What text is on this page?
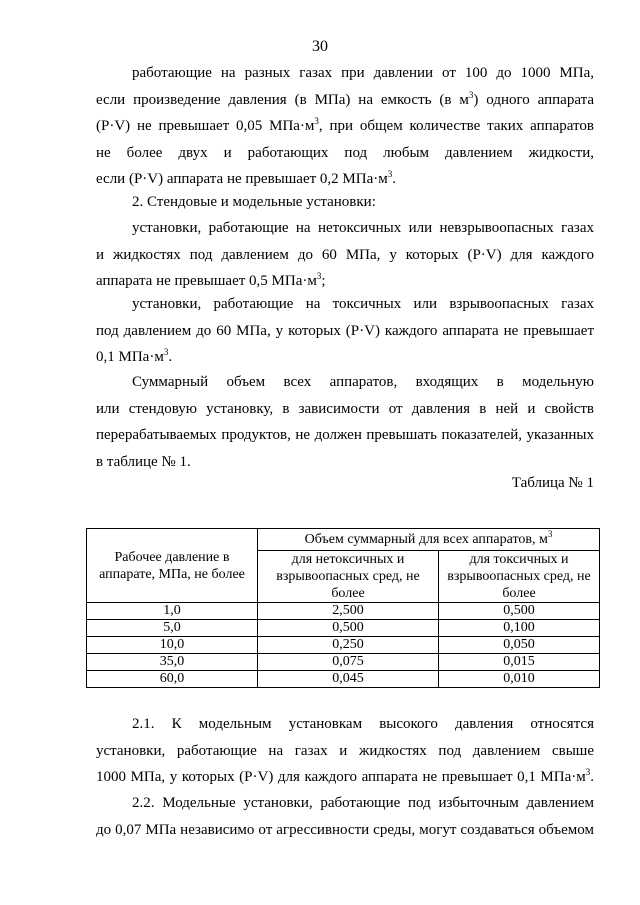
30
работающие на разных газах при давлении от 100 до 1000 МПа,
если произведение давления (в МПа) на емкость (в $м^3$) одного аппарата
(P·V) не превышает 0,05 $МПа\cdot м^3$, при общем количестве таких аппаратов
не более двух и работающих под любым давлением жидкости,
если (P·V) аппарата не превышает 0,2 $МПа\cdot м^3$.
2. Стендовые и модельные установки:
установки, работающие на нетоксичных или невзрывоопасных газах
и жидкостях под давлением до 60 МПа, у которых (P·V) для каждого
аппарата не превышает 0,5 $МПа\cdot м^3$;
установки, работающие на токсичных или взрывоопасных газах
под давлением до 60 МПа, у которых (P·V) каждого аппарата не превышает
0,1 $МПа\cdot м^3$.
Суммарный объем всех аппаратов, входящих в модельную
или стендовую установку, в зависимости от давления в ней и свойств
перерабатываемых продуктов, не должен превышать показателей, указанных
в таблице № 1.
Таблица № 1
Рабочее давление в аппарате, МПа, не более	Объем суммарный для всех аппаратов, $м^3$
	для нетоксичных и взрывоопасных сред, не более	для токсичных и взрывоопасных сред, не более
1,0	2,500	0,500
5,0	0,500	0,100
10,0	0,250	0,050
35,0	0,075	0,015
60,0	0,045	0,010
2.1. К модельным установкам высокого давления относятся
установки, работающие на газах и жидкостях под давлением свыше
1000 МПа, у которых (P·V) для каждого аппарата не превышает 0,1 $МПа\cdot м^3$.
2.2. Модельные установки, работающие под избыточным давлением
до 0,07 МПа независимо от агрессивности среды, могут создаваться объемом
